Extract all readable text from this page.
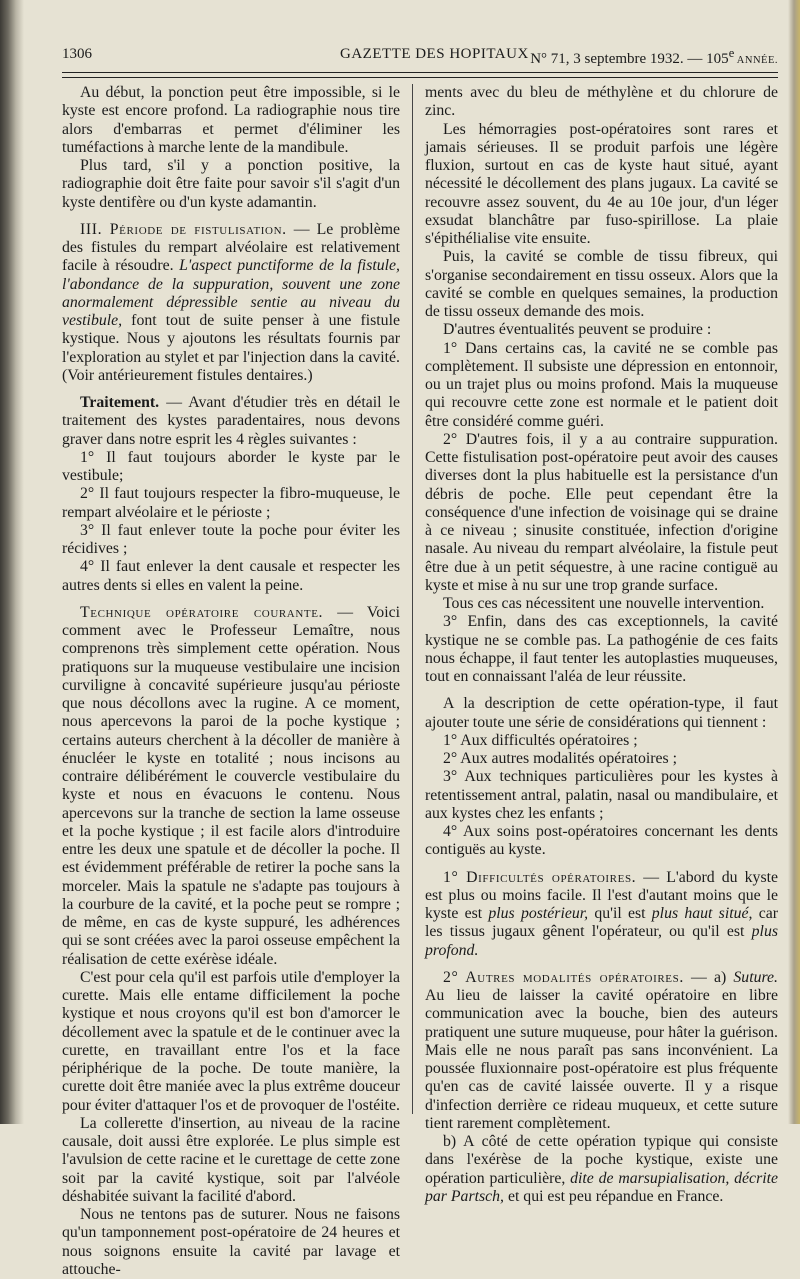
1306	GAZETTE DES HOPITAUX N° 71, 3 septembre 1932. — 105e ANNÉE.

Au début, la ponction peut être impossible, si le kyste est encore profond. La radiographie nous tire alors d'embarras et permet d'éliminer les tuméfactions à marche lente de la mandibule.

Plus tard, s'il y a ponction positive, la radiographie doit être faite pour savoir s'il s'agit d'un kyste dentifère ou d'un kyste adamantin.

III. Période de fistulisation. — Le problème des fistules du rempart alvéolaire est relativement facile à résoudre. L'aspect punctiforme de la fistule, l'abondance de la suppuration, souvent une zone anormalement dépressible sentie au niveau du vestibule, font tout de suite penser à une fistule kystique. Nous y ajoutons les résultats fournis par l'exploration au stylet et par l'injection dans la cavité. (Voir antérieurement fistules dentaires.)

Traitement. — Avant d'étudier très en détail le traitement des kystes paradentaires, nous devons graver dans notre esprit les 4 règles suivantes :

1° Il faut toujours aborder le kyste par le vestibule;

2° Il faut toujours respecter la fibro-muqueuse, le rempart alvéolaire et le périoste ;

3° Il faut enlever toute la poche pour éviter les récidives ;

4° Il faut enlever la dent causale et respecter les autres dents si elles en valent la peine.

Technique opératoire courante. — Voici comment avec le Professeur Lemaître, nous comprenons très simplement cette opération. Nous pratiquons sur la muqueuse vestibulaire une incision curviligne à concavité supérieure jusqu'au périoste que nous décollons avec la rugine. A ce moment, nous apercevons la paroi de la poche kystique ; certains auteurs cherchent à la décoller de manière à énucléer le kyste en totalité ; nous incisons au contraire délibérément le couvercle vestibulaire du kyste et nous en évacuons le contenu. Nous apercevons sur la tranche de section la lame osseuse et la poche kystique ; il est facile alors d'introduire entre les deux une spatule et de décoller la poche. Il est évidemment préférable de retirer la poche sans la morceler. Mais la spatule ne s'adapte pas toujours à la courbure de la cavité, et la poche peut se rompre ; de même, en cas de kyste suppuré, les adhérences qui se sont créées avec la paroi osseuse empêchent la réalisation de cette exérèse idéale.

C'est pour cela qu'il est parfois utile d'employer la curette. Mais elle entame difficilement la poche kystique et nous croyons qu'il est bon d'amorcer le décollement avec la spatule et de le continuer avec la curette, en travaillant entre l'os et la face périphérique de la poche. De toute manière, la curette doit être maniée avec la plus extrême douceur pour éviter d'attaquer l'os et de provoquer de l'ostéite.

La collerette d'insertion, au niveau de la racine causale, doit aussi être explorée. Le plus simple est l'avulsion de cette racine et le curettage de cette zone soit par la cavité kystique, soit par l'alvéole déshabitée suivant la facilité d'abord.

Nous ne tentons pas de suturer. Nous ne faisons qu'un tamponnement post-opératoire de 24 heures et nous soignons ensuite la cavité par lavage et attouche-

ments avec du bleu de méthylène et du chlorure de zinc.

Les hémorragies post-opératoires sont rares et jamais sérieuses. Il se produit parfois une légère fluxion, surtout en cas de kyste haut situé, ayant nécessité le décollement des plans jugaux. La cavité se recouvre assez souvent, du 4e au 10e jour, d'un léger exsudat blanchâtre par fuso-spirillose. La plaie s'épithélialise vite ensuite.

Puis, la cavité se comble de tissu fibreux, qui s'organise secondairement en tissu osseux. Alors que la cavité se comble en quelques semaines, la production de tissu osseux demande des mois.

D'autres éventualités peuvent se produire :

1° Dans certains cas, la cavité ne se comble pas complètement. Il subsiste une dépression en entonnoir, ou un trajet plus ou moins profond. Mais la muqueuse qui recouvre cette zone est normale et le patient doit être considéré comme guéri.

2° D'autres fois, il y a au contraire suppuration. Cette fistulisation post-opératoire peut avoir des causes diverses dont la plus habituelle est la persistance d'un débris de poche. Elle peut cependant être la conséquence d'une infection de voisinage qui se draine à ce niveau ; sinusite constituée, infection d'origine nasale. Au niveau du rempart alvéolaire, la fistule peut être due à un petit séquestre, à une racine contiguë au kyste et mise à nu sur une trop grande surface.

Tous ces cas nécessitent une nouvelle intervention.

3° Enfin, dans des cas exceptionnels, la cavité kystique ne se comble pas. La pathogénie de ces faits nous échappe, il faut tenter les autoplasties muqueuses, tout en connaissant l'aléa de leur réussite.

A la description de cette opération-type, il faut ajouter toute une série de considérations qui tiennent :

1° Aux difficultés opératoires ;

2° Aux autres modalités opératoires ;

3° Aux techniques particulières pour les kystes à retentissement antral, palatin, nasal ou mandibulaire, et aux kystes chez les enfants ;

4° Aux soins post-opératoires concernant les dents contiguës au kyste.

1° Difficultés opératoires. — L'abord du kyste est plus ou moins facile. Il l'est d'autant moins que le kyste est plus postérieur, qu'il est plus haut situé, car les tissus jugaux gênent l'opérateur, ou qu'il est plus profond.

2° Autres modalités opératoires. — a) Suture. Au lieu de laisser la cavité opératoire en libre communication avec la bouche, bien des auteurs pratiquent une suture muqueuse, pour hâter la guérison. Mais elle ne nous paraît pas sans inconvénient. La poussée fluxionnaire post-opératoire est plus fréquente qu'en cas de cavité laissée ouverte. Il y a risque d'infection derrière ce rideau muqueux, et cette suture tient rarement complètement.

b) A côté de cette opération typique qui consiste dans l'exérèse de la poche kystique, existe une opération particulière, dite de marsupialisation, décrite par Partsch, et qui est peu répandue en France.
